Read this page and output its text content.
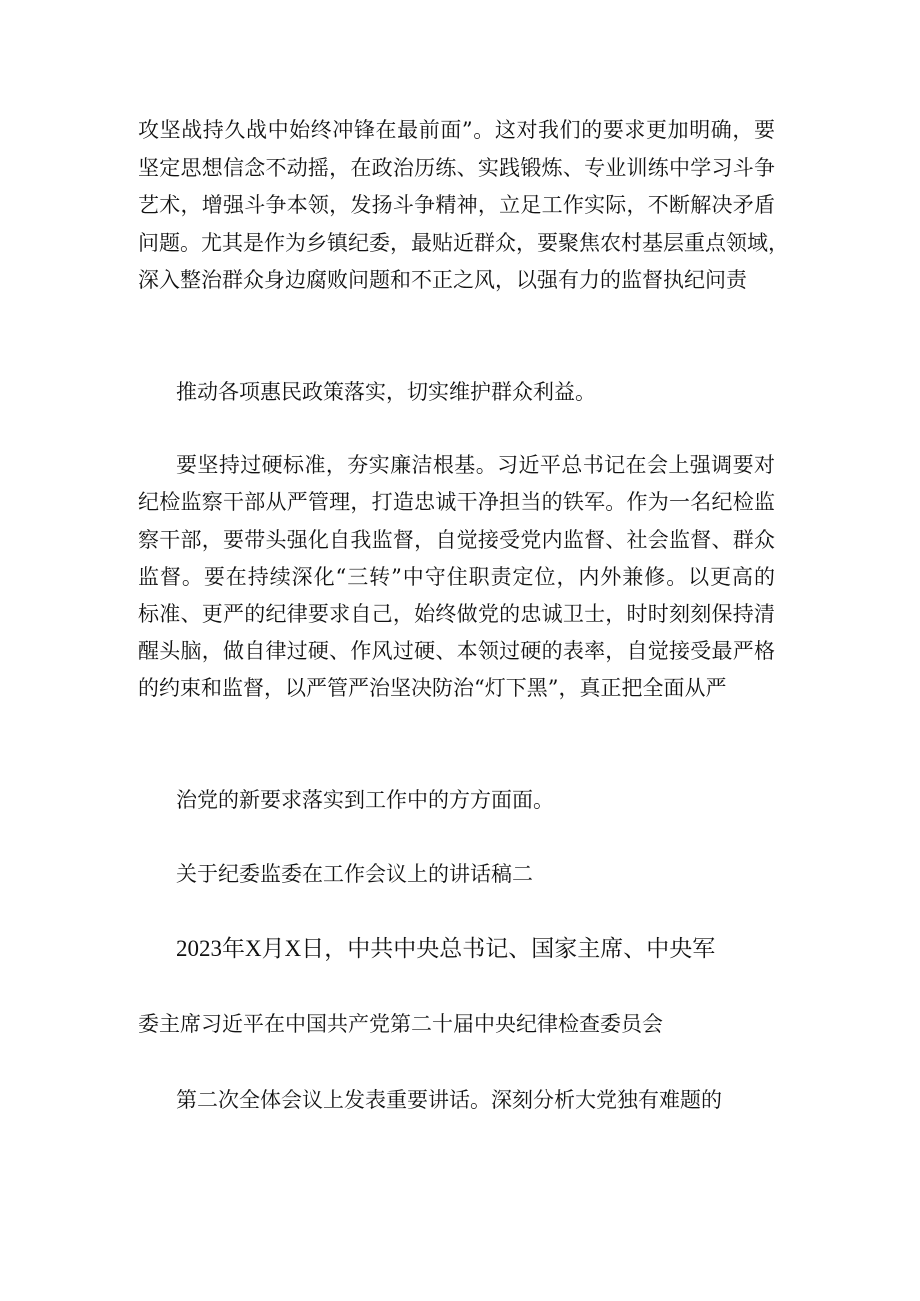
攻坚战持久战中始终冲锋在最前面”。这对我们的要求更加明确，要
坚定思想信念不动摇，在政治历练、实践锻炼、专业训练中学习斗争
艺术，增强斗争本领，发扬斗争精神，立足工作实际，不断解决矛盾
问题。尤其是作为乡镇纪委，最贴近群众，要聚焦农村基层重点领域，
深入整治群众身边腐败问题和不正之风，以强有力的监督执纪问责
推动各项惠民政策落实，切实维护群众利益。
要坚持过硬标准，夯实廉洁根基。习近平总书记在会上强调要对
纪检监察干部从严管理，打造忠诚干净担当的铁军。作为一名纪检监
察干部，要带头强化自我监督，自觉接受党内监督、社会监督、群众
监督。要在持续深化“三转”中守住职责定位，内外兼修。以更高的
标准、更严的纪律要求自己，始终做党的忠诚卫士，时时刻刻保持清
醒头脑，做自律过硬、作风过硬、本领过硬的表率，自觉接受最严格
的约束和监督，以严管严治坚决防治“灯下黑”，真正把全面从严
治党的新要求落实到工作中的方方面面。
关于纪委监委在工作会议上的讲话稿二
2023年X月X日，中共中央总书记、国家主席、中央军
委主席习近平在中国共产党第二十届中央纪律检查委员会
第二次全体会议上发表重要讲话。深刻分析大党独有难题的
